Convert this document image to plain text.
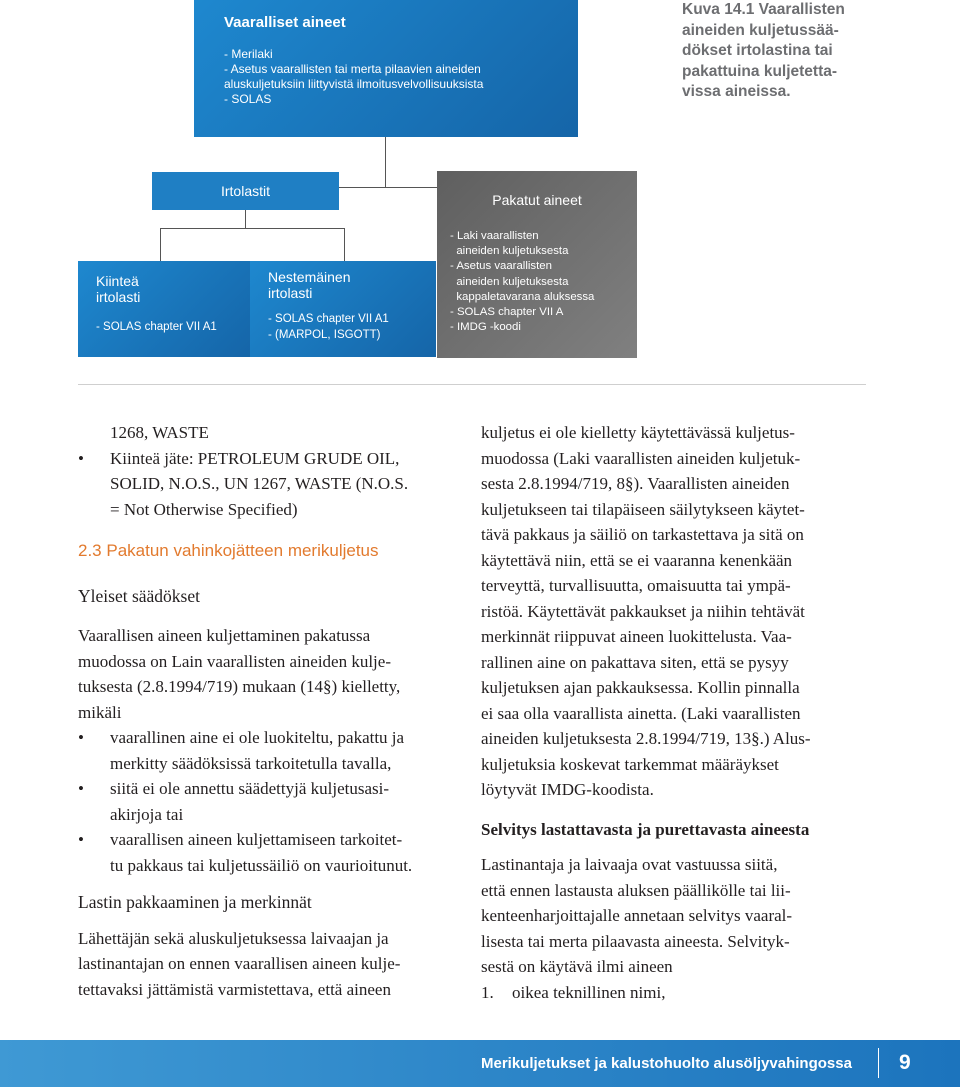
Vaaralliset aineet
- Merilaki
- Asetus vaarallisten tai merta pilaavien aineiden
aluskuljetuksiin liittyvistä ilmoitusvelvollisuuksista
- SOLAS
Irtolastit
Pakatut aineet
- Laki vaarallisten
aineiden kuljetuksesta
- Asetus vaarallisten
aineiden kuljetuksesta
kappaletavarana aluksessa
- SOLAS chapter VII A
- IMDG -koodi
Kiinteä
irtolasti
- SOLAS chapter VII A1
Nestemäinen
irtolasti
- SOLAS chapter VII A1
- (MARPOL, ISGOTT)
Kuva 14.1 Vaarallisten
aineiden kuljetussää-
dökset irtolastina tai
pakattuina kuljetetta-
vissa aineissa.
1268, WASTE
• Kiinteä jäte: PETROLEUM GRUDE OIL,
SOLID, N.O.S., UN 1267, WASTE (N.O.S.
= Not Otherwise Specified)
2.3 Pakatun vahinkojätteen merikuljetus
Yleiset säädökset
Vaarallisen aineen kuljettaminen pakatussa
muodossa on Lain vaarallisten aineiden kulje-
tuksesta (2.8.1994/719) mukaan (14§) kielletty,
mikäli
• vaarallinen aine ei ole luokiteltu, pakattu ja
merkitty säädöksissä tarkoitetulla tavalla,
• siitä ei ole annettu säädettyjä kuljetusasi-
akirjoja tai
• vaarallisen aineen kuljettamiseen tarkoitet-
tu pakkaus tai kuljetussäiliö on vaurioitunut.
Lastin pakkaaminen ja merkinnät
Lähettäjän sekä aluskuljetuksessa laivaajan ja
lastinantajan on ennen vaarallisen aineen kulje-
tettavaksi jättämistä varmistettava, että aineen
kuljetus ei ole kielletty käytettävässä kuljetus-
muodossa (Laki vaarallisten aineiden kuljetuk-
sesta 2.8.1994/719, 8§). Vaarallisten aineiden
kuljetukseen tai tilapäiseen säilytykseen käytet-
tävä pakkaus ja säiliö on tarkastettava ja sitä on
käytettävä niin, että se ei vaaranna kenenkään
terveyttä, turvallisuutta, omaisuutta tai ympä-
ristöä. Käytettävät pakkaukset ja niihin tehtävät
merkinnät riippuvat aineen luokittelusta. Vaa-
rallinen aine on pakattava siten, että se pysyy
kuljetuksen ajan pakkauksessa. Kollin pinnalla
ei saa olla vaarallista ainetta. (Laki vaarallisten
aineiden kuljetuksesta 2.8.1994/719, 13§.) Alus-
kuljetuksia koskevat tarkemmat määräykset
löytyvät IMDG-koodista.
Selvitys lastattavasta ja purettavasta aineesta
Lastinantaja ja laivaaja ovat vastuussa siitä,
että ennen lastausta aluksen päällikölle tai lii-
kenteenharjoittajalle annetaan selvitys vaaral-
lisesta tai merta pilaavasta aineesta. Selvityk-
sestä on käytävä ilmi aineen
1. oikea teknillinen nimi,
Merikuljetukset ja kalustohuolto alusöljyvahingossa 9
